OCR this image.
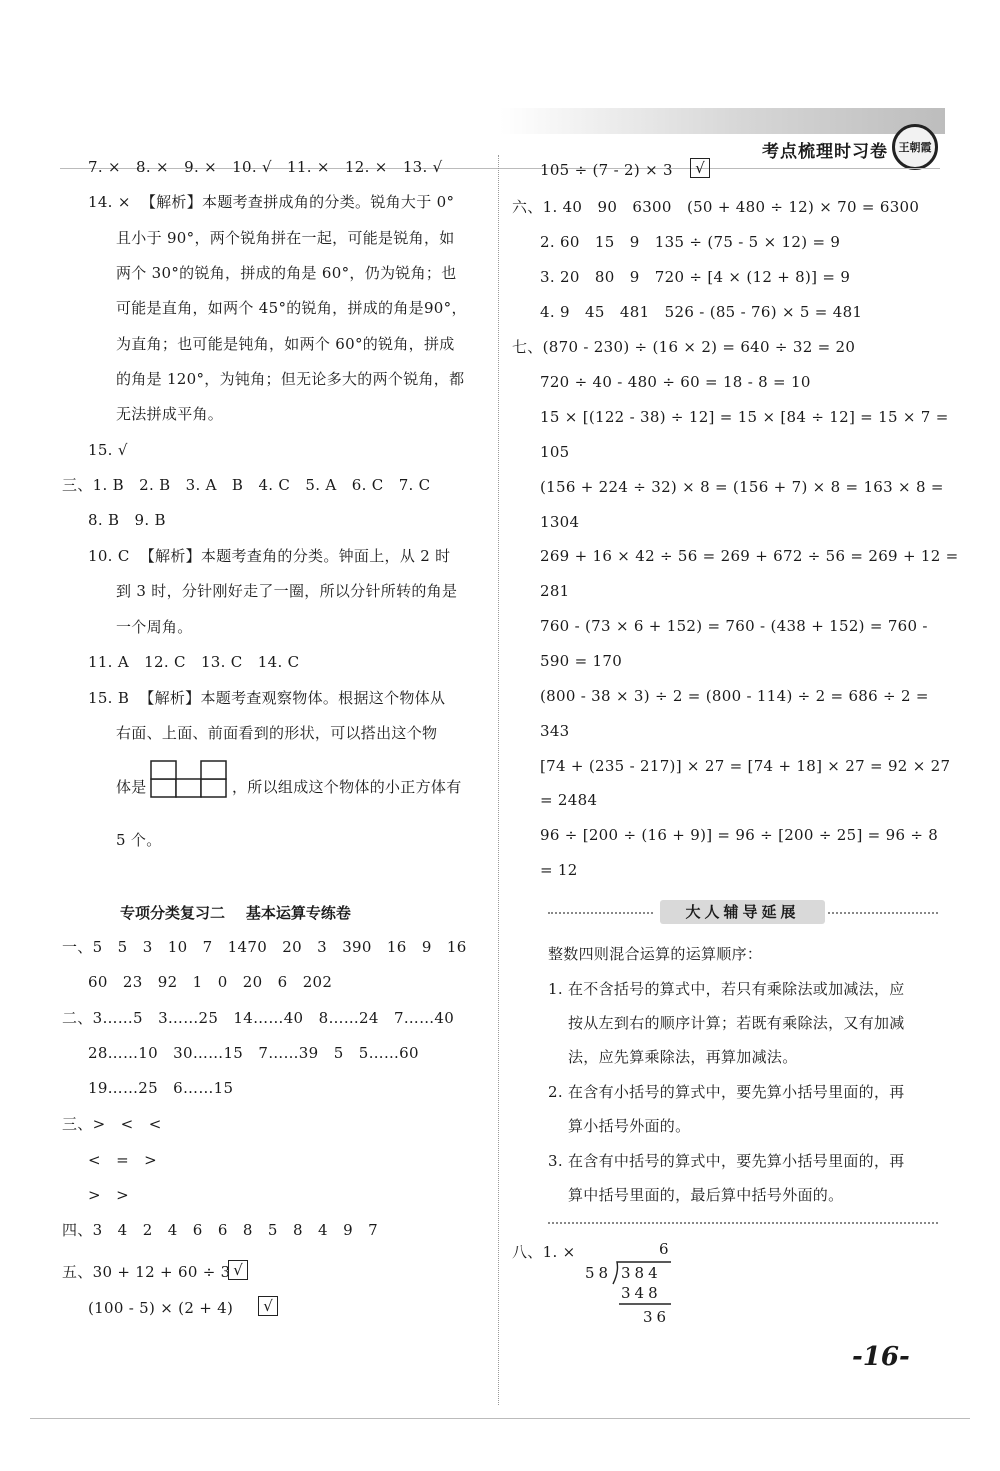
考点梳理时习卷 王朝霞
7. ×   8. ×   9. ×   10. √   11. ×   12. ×   13. √
14. ×  【解析】本题考查拼成角的分类。锐角大于 0°
且小于 90°，两个锐角拼在一起，可能是锐角，如
两个 30°的锐角，拼成的角是 60°，仍为锐角；也
可能是直角，如两个 45°的锐角，拼成的角是90°，
为直角；也可能是钝角，如两个 60°的锐角，拼成
的角是 120°，为钝角；但无论多大的两个锐角，都
无法拼成平角。
15. √
三、1. B   2. B   3. A   B   4. C   5. A   6. C   7. C
8. B   9. B
10. C  【解析】本题考查角的分类。钟面上，从 2 时
到 3 时，分针刚好走了一圈，所以分针所转的角是
一个周角。
11. A   12. C   13. C   14. C
15. B  【解析】本题考查观察物体。根据这个物体从
右面、上面、前面看到的形状，可以搭出这个物
体是	，所以组成这个物体的小正方体有
5 个。
专项分类复习二    基本运算专练卷
一、5   5   3   10   7   1470   20   3   390   16   9   16
60   23   92   1   0   20   6   202
二、3……5   3……25   14……40   8……24   7……40
28……10   30……15   7……39   5   5……60
19……25   6……15
三、>   <   <
<   =   >
>   >
四、3   4   2   4   6   6   8   5   8   4   9   7
五、30 + 12 + 60 ÷ 3 √
(100 - 5) × (2 + 4)	√
105 ÷ (7 - 2) × 3	√
六、1. 40   90   6300   (50 + 480 ÷ 12) × 70 = 6300
2. 60   15   9   135 ÷ (75 - 5 × 12) = 9
3. 20   80   9   720 ÷ [4 × (12 + 8)] = 9
4. 9   45   481   526 - (85 - 76) × 5 = 481
七、(870 - 230) ÷ (16 × 2) = 640 ÷ 32 = 20
720 ÷ 40 - 480 ÷ 60 = 18 - 8 = 10
15 × [(122 - 38) ÷ 12] = 15 × [84 ÷ 12] = 15 × 7 =
105
(156 + 224 ÷ 32) × 8 = (156 + 7) × 8 = 163 × 8 =
1304
269 + 16 × 42 ÷ 56 = 269 + 672 ÷ 56 = 269 + 12 =
281
760 - (73 × 6 + 152) = 760 - (438 + 152) = 760 -
590 = 170
(800 - 38 × 3) ÷ 2 = (800 - 114) ÷ 2 = 686 ÷ 2 =
343
[74 + (235 - 217)] × 27 = [74 + 18] × 27 = 92 × 27
= 2484
96 ÷ [200 ÷ (16 + 9)] = 96 ÷ [200 ÷ 25] = 96 ÷ 8
= 12
大人辅导延展
整数四则混合运算的运算顺序：
1. 在不含括号的算式中，若只有乘除法或加减法，应
按从左到右的顺序计算；若既有乘除法，又有加减
法，应先算乘除法，再算加减法。
2. 在含有小括号的算式中，要先算小括号里面的，再
算小括号外面的。
3. 在含有中括号的算式中，要先算小括号里面的，再
算中括号里面的，最后算中括号外面的。
八、1. ×	6
58 384
348
36
-16-
